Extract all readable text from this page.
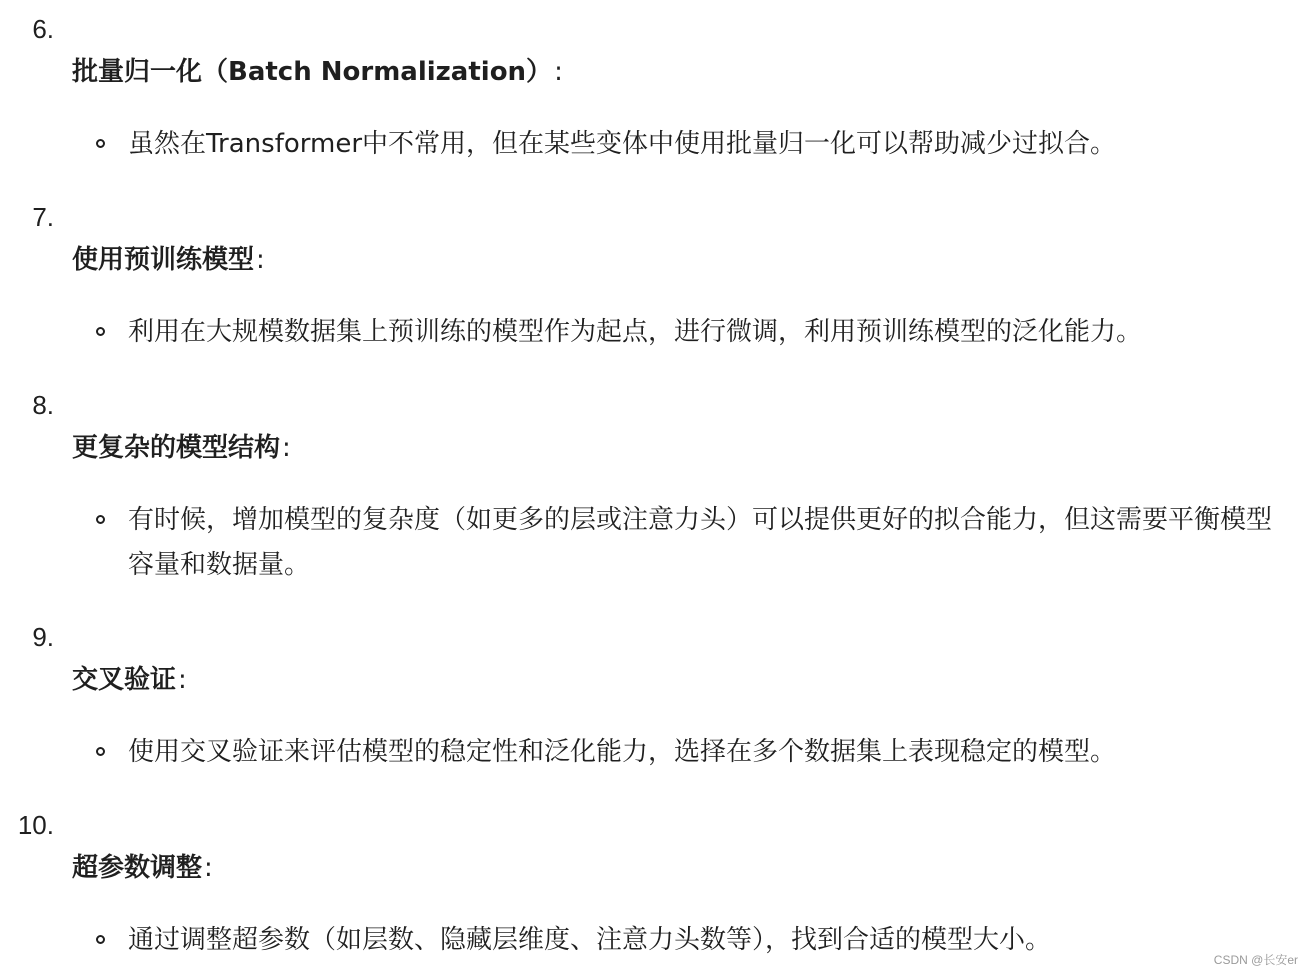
6.
批量归一化（Batch Normalization）:
虽然在Transformer中不常用，但在某些变体中使用批量归一化可以帮助减少过拟合。
7.
使用预训练模型:
利用在大规模数据集上预训练的模型作为起点，进行微调，利用预训练模型的泛化能力。
8.
更复杂的模型结构:
有时候，增加模型的复杂度（如更多的层或注意力头）可以提供更好的拟合能力，但这需要平衡模型容量和数据量。
9.
交叉验证:
使用交叉验证来评估模型的稳定性和泛化能力，选择在多个数据集上表现稳定的模型。
10.
超参数调整:
通过调整超参数（如层数、隐藏层维度、注意力头数等），找到合适的模型大小。
CSDN @长安er
